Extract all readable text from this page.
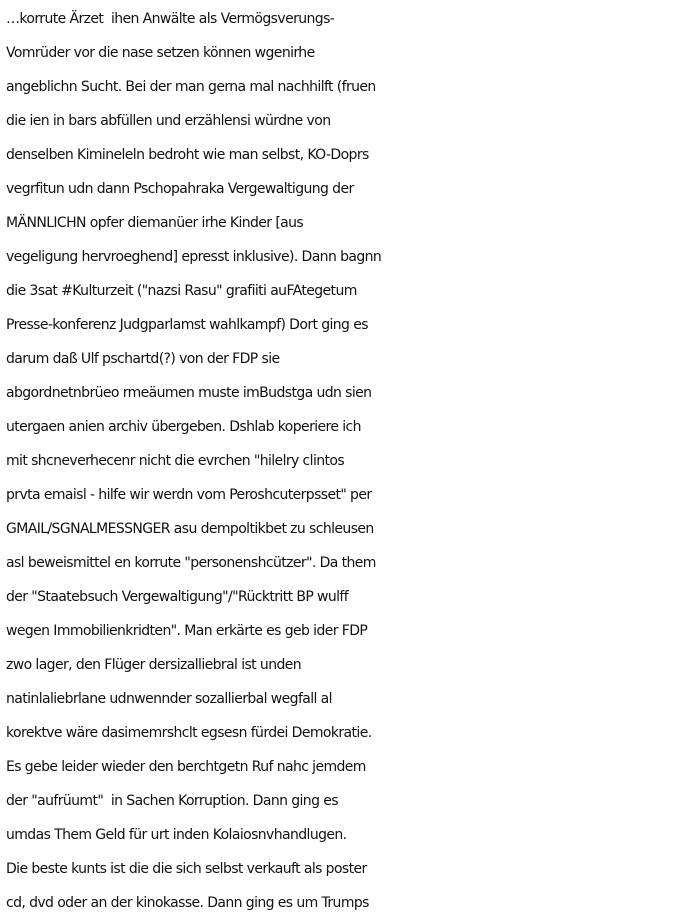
…korrute Ärzet  ihen Anwälte als Vermögsverungs-
Vomrüder vor die nase setzen können wgenirhe
angeblichn Sucht. Bei der man gerna mal nachhilft (fruen
die ien in bars abfüllen und erzählensi würdne von
denselben Kimineleln bedroht wie man selbst, KO-Doprs
vegrfitun udn dann Pschopahraka Vergewaltigung der
MÄNNLICHN opfer diemanüer irhe Kinder [aus
vegeligung hervroeghend] epresst inklusive). Dann bagnn
die 3sat #Kulturzeit ("nazsi Rasu" grafiiti auFAtegetum
Presse-konferenz Judgparlamst wahlkampf) Dort ging es
darum daß Ulf pschartd(?) von der FDP sie
abgordnetnbrüeo rmeäumen muste imBudstga udn sien
utergaen anien archiv übergeben. Dshlab koperiere ich
mit shcneverhecenr nicht die evrchen "hilelry clintos
prvta emaisl - hilfe wir werdn vom Peroshcuterpsset" per
GMAIL/SGNALMESSNGER asu dempoltikbet zu schleusen
asl beweismittel en korrute "personenshcützer". Da them
der "Staatebsuch Vergewaltigung"/"Rücktritt BP wulff
wegen Immobilienkridten". Man erkärte es geb ider FDP
zwo lager, den Flüger dersizalliebral ist unden
natinlaliebrlane udnwennder sozallierbal wegfall al
korektve wäre dasimemrshclt egsesn fürdei Demokratie.
Es gebe leider wieder den berchtgetn Ruf nahc jemdem
der "aufrüumt"  in Sachen Korruption. Dann ging es
umdas Them Geld für urt inden Kolaiosnvhandlugen.
Die beste kunts ist die die sich selbst verkauft als poster
cd, dvd oder an der kinokasse. Dann ging es um Trumps
